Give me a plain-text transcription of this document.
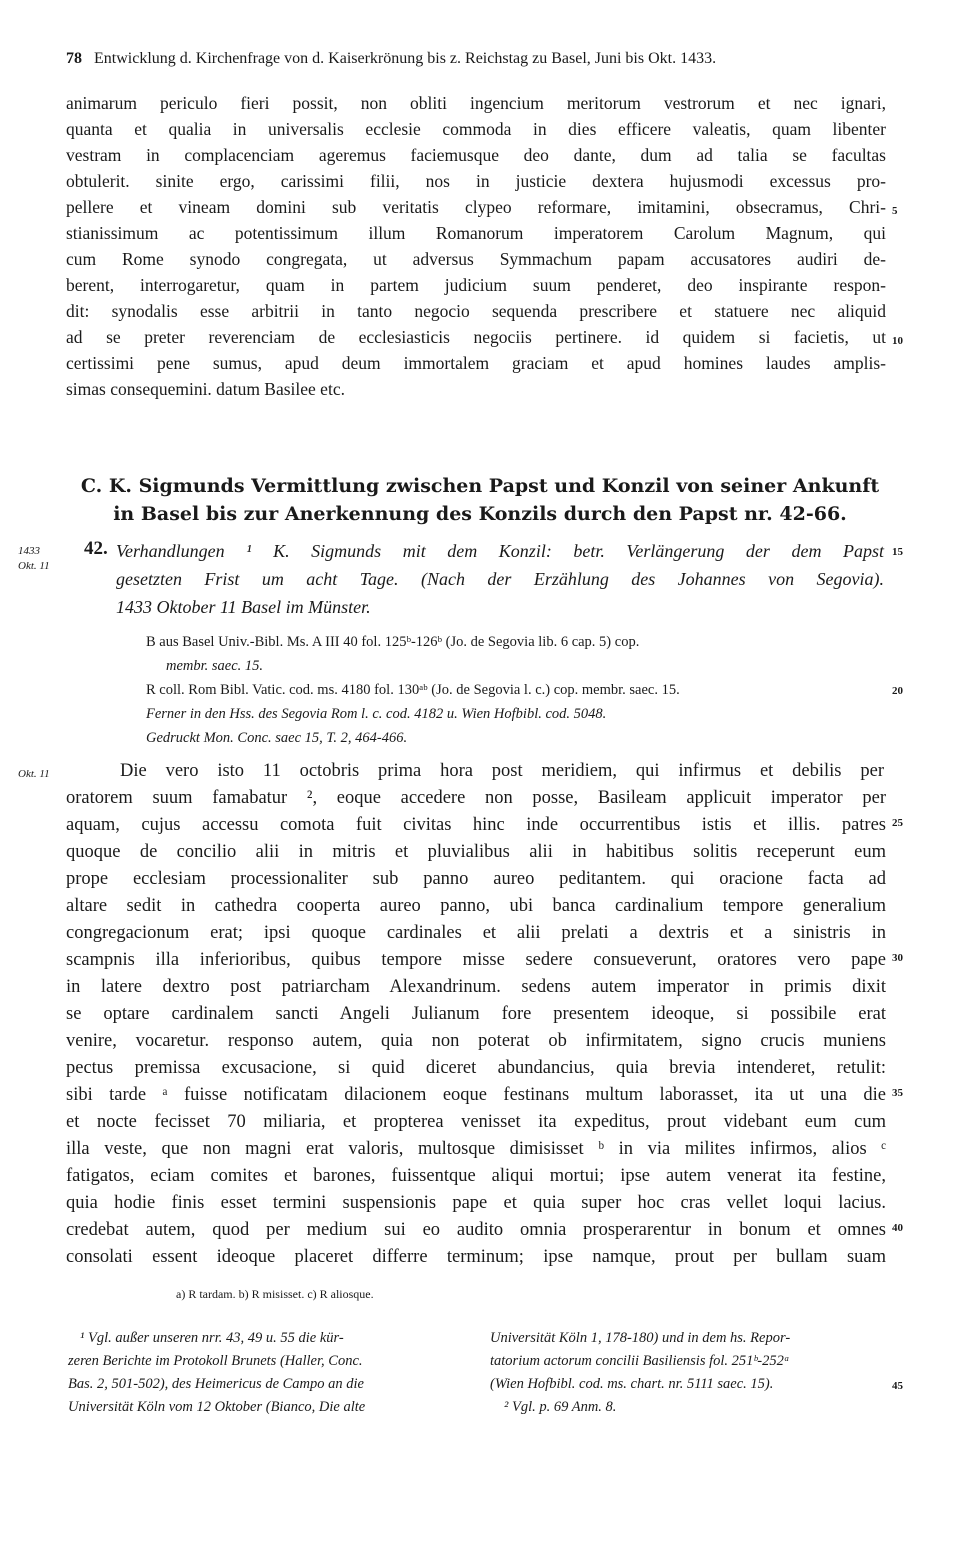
78 Entwicklung d. Kirchenfrage von d. Kaiserkrönung bis z. Reichstag zu Basel, Juni bis Okt. 1433.
animarum periculo fieri possit, non obliti ingencium meritorum vestrorum et nec ignari,
quanta et qualia in universalis ecclesie commoda in dies efficere valeatis, quam libenter
vestram in complacenciam ageremus faciemusque deo dante, dum ad talia se facultas
obtulerit. sinite ergo, carissimi filii, nos in justicie dextera hujusmodi excessus pro-
pellere et vineam domini sub veritatis clypeo reformare, imitamini, obsecramus, Chri-
stianissimum ac potentissimum illum Romanorum imperatorem Carolum Magnum, qui
cum Rome synodo congregata, ut adversus Symmachum papam accusatores audiri de-
berent, interrogaretur, quam in partem judicium suum penderet, deo inspirante respon-
dit: synodalis esse arbitrii in tanto negocio sequenda prescribere et statuere nec aliquid
ad se preter reverenciam de ecclesiasticis negociis pertinere. id quidem si facietis, ut
certissimi pene sumus, apud deum immortalem graciam et apud homines laudes amplis-
simas consequemini. datum Basilee etc.
5
10
C. K. Sigmunds Vermittlung zwischen Papst und Konzil von seiner Ankunft
in Basel bis zur Anerkennung des Konzils durch den Papst nr. 42-66.
1433
Okt. 11
42. Verhandlungen ¹ K. Sigmunds mit dem Konzil: betr. Verlängerung der dem Papst
gesetzten Frist um acht Tage. (Nach der Erzählung des Johannes von Segovia).
1433 Oktober 11 Basel im Münster.
15
B aus Basel Univ.-Bibl. Ms. A III 40 fol. 125ᵇ-126ᵇ (Jo. de Segovia lib. 6 cap. 5) cop.
membr. saec. 15.
R coll. Rom Bibl. Vatic. cod. ms. 4180 fol. 130ᵃᵇ (Jo. de Segovia l. c.) cop. membr. saec. 15.
Ferner in den Hss. des Segovia Rom l. c. cod. 4182 u. Wien Hofbibl. cod. 5048.
Gedruckt Mon. Conc. saec 15, T. 2, 464-466.
20
Okt. 11	Die vero isto 11 octobris prima hora post meridiem, qui infirmus et debilis per
oratorem suum famabatur ², eoque accedere non posse, Basileam applicuit imperator per
aquam, cujus accessu comota fuit civitas hinc inde occurrentibus istis et illis. patres
quoque de concilio alii in mitris et pluvialibus alii in habitibus solitis receperunt eum
prope ecclesiam processionaliter sub panno aureo peditantem. qui oracione facta ad
altare sedit in cathedra cooperta aureo panno, ubi banca cardinalium tempore generalium
congregacionum erat; ipsi quoque cardinales et alii prelati a dextris et a sinistris in
scampnis illa inferioribus, quibus tempore misse sedere consueverunt, oratores vero pape
in latere dextro post patriarcham Alexandrinum. sedens autem imperator in primis dixit
se optare cardinalem sancti Angeli Julianum fore presentem ideoque, si possibile erat
venire, vocaretur. responso autem, quia non poterat ob infirmitatem, signo crucis muniens
pectus premissa excusacione, si quid diceret abundancius, quia brevia intenderet, retulit:
sibi tarde ᵃ fuisse notificatam dilacionem eoque festinans multum laborasset, ita ut una die
et nocte fecisset 70 miliaria, et propterea venisset ita expeditus, prout videbant eum cum
illa veste, que non magni erat valoris, multosque dimisisset ᵇ in via milites infirmos, alios ᶜ
fatigatos, eciam comites et barones, fuissentque aliqui mortui; ipse autem venerat ita festine,
quia hodie finis esset termini suspensionis pape et quia super hoc cras vellet loqui lacius.
credebat autem, quod per medium sui eo audito omnia prosperarentur in bonum et omnes
consolati essent ideoque placeret differre terminum; ipse namque, prout per bullam suam
25
30
35
40
a) R tardam. b) R misisset. c) R aliosque.
¹ Vgl. außer unseren nrr. 43, 49 u. 55 die kür-
zeren Berichte im Protokoll Brunets (Haller, Conc.
Bas. 2, 501-502), des Heimericus de Campo an die
Universität Köln vom 12 Oktober (Bianco, Die alte
Universität Köln 1, 178-180) und in dem hs. Repor-
tatorium actorum concilii Basiliensis fol. 251ᵇ-252ᵃ
(Wien Hofbibl. cod. ms. chart. nr. 5111 saec. 15).
² Vgl. p. 69 Anm. 8.
45
